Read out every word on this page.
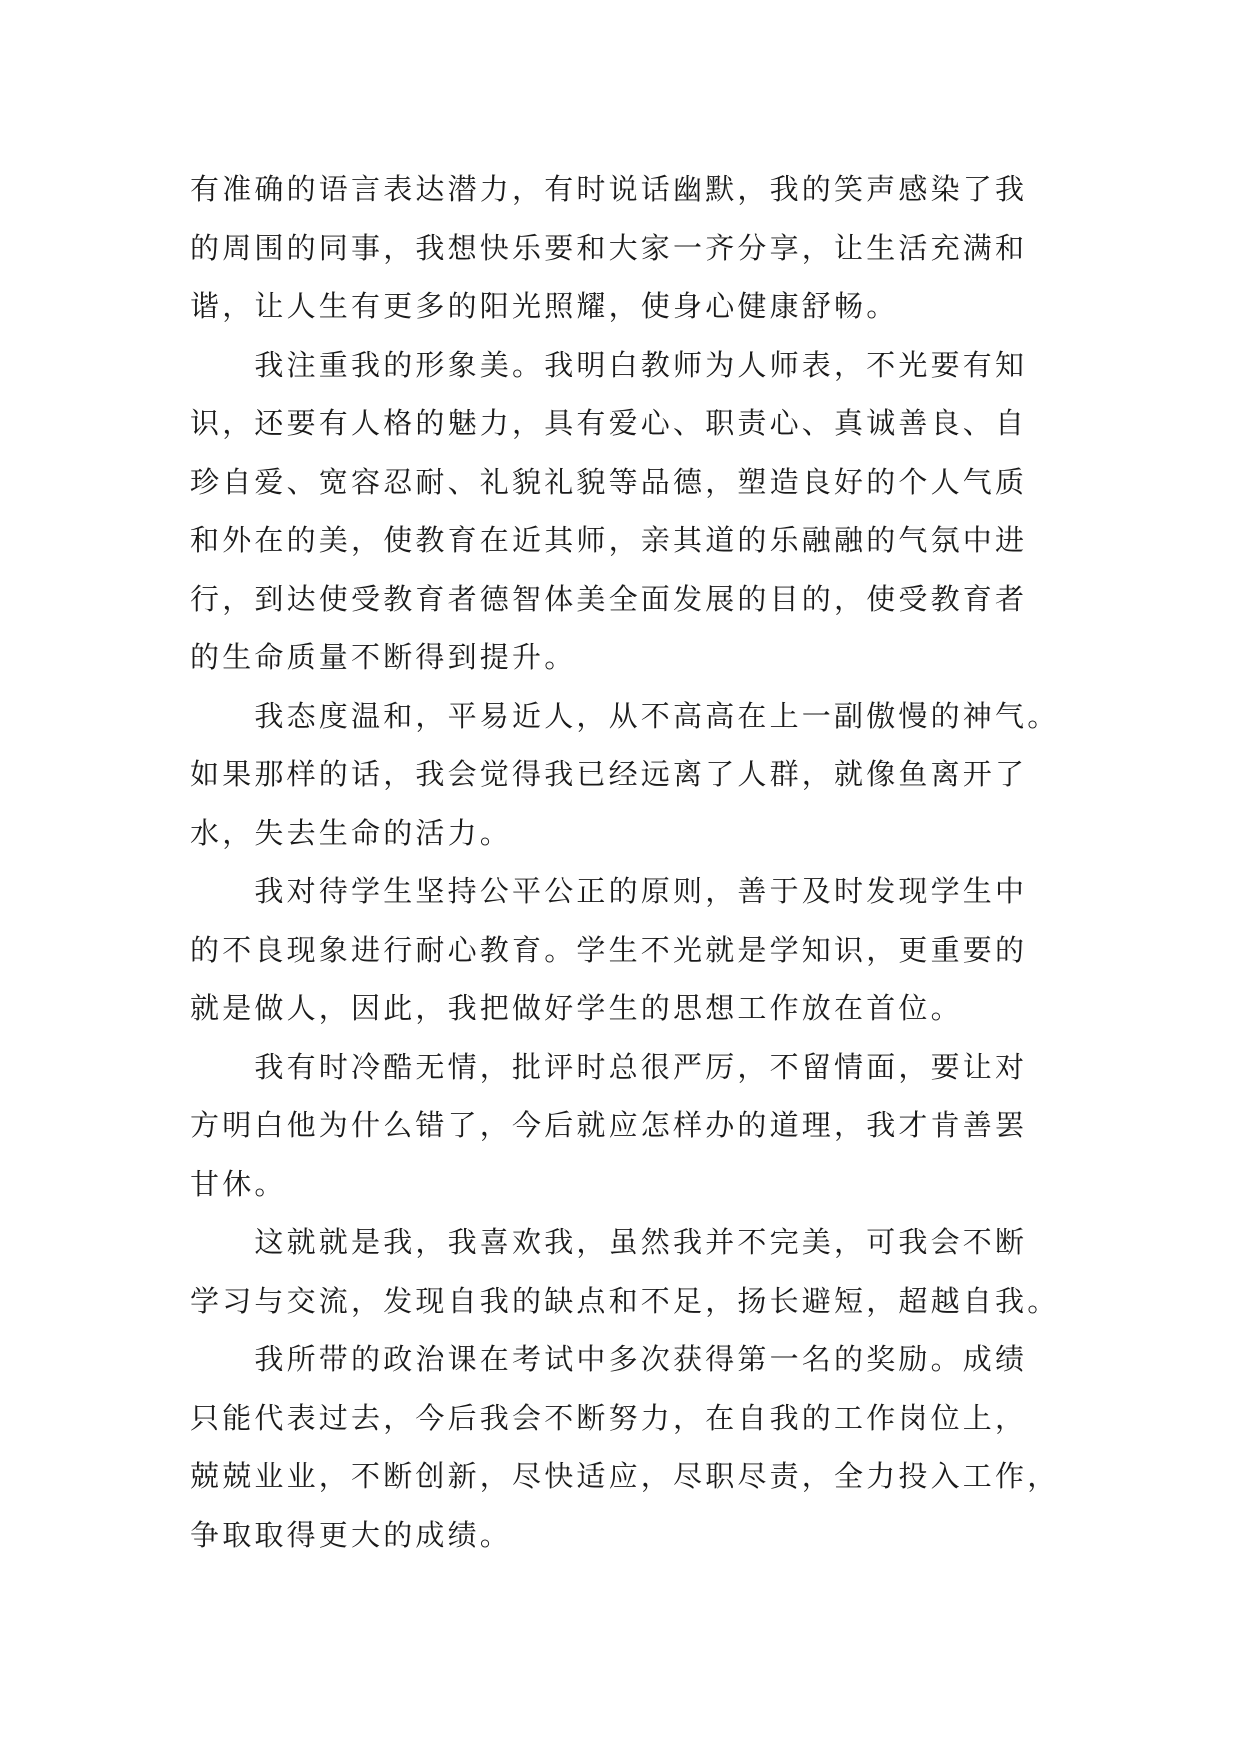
有准确的语言表达潜力，有时说话幽默，我的笑声感染了我
的周围的同事，我想快乐要和大家一齐分享，让生活充满和
谐，让人生有更多的阳光照耀，使身心健康舒畅。
　　我注重我的形象美。我明白教师为人师表，不光要有知
识，还要有人格的魅力，具有爱心、职责心、真诚善良、自
珍自爱、宽容忍耐、礼貌礼貌等品德，塑造良好的个人气质
和外在的美，使教育在近其师，亲其道的乐融融的气氛中进
行，到达使受教育者德智体美全面发展的目的，使受教育者
的生命质量不断得到提升。
　　我态度温和，平易近人，从不高高在上一副傲慢的神气。
如果那样的话，我会觉得我已经远离了人群，就像鱼离开了
水，失去生命的活力。
　　我对待学生坚持公平公正的原则，善于及时发现学生中
的不良现象进行耐心教育。学生不光就是学知识，更重要的
就是做人，因此，我把做好学生的思想工作放在首位。
　　我有时冷酷无情，批评时总很严厉，不留情面，要让对
方明白他为什么错了，今后就应怎样办的道理，我才肯善罢
甘休。
　　这就就是我，我喜欢我，虽然我并不完美，可我会不断
学习与交流，发现自我的缺点和不足，扬长避短，超越自我。
　　我所带的政治课在考试中多次获得第一名的奖励。成绩
只能代表过去，今后我会不断努力，在自我的工作岗位上，
兢兢业业，不断创新，尽快适应，尽职尽责，全力投入工作，
争取取得更大的成绩。
